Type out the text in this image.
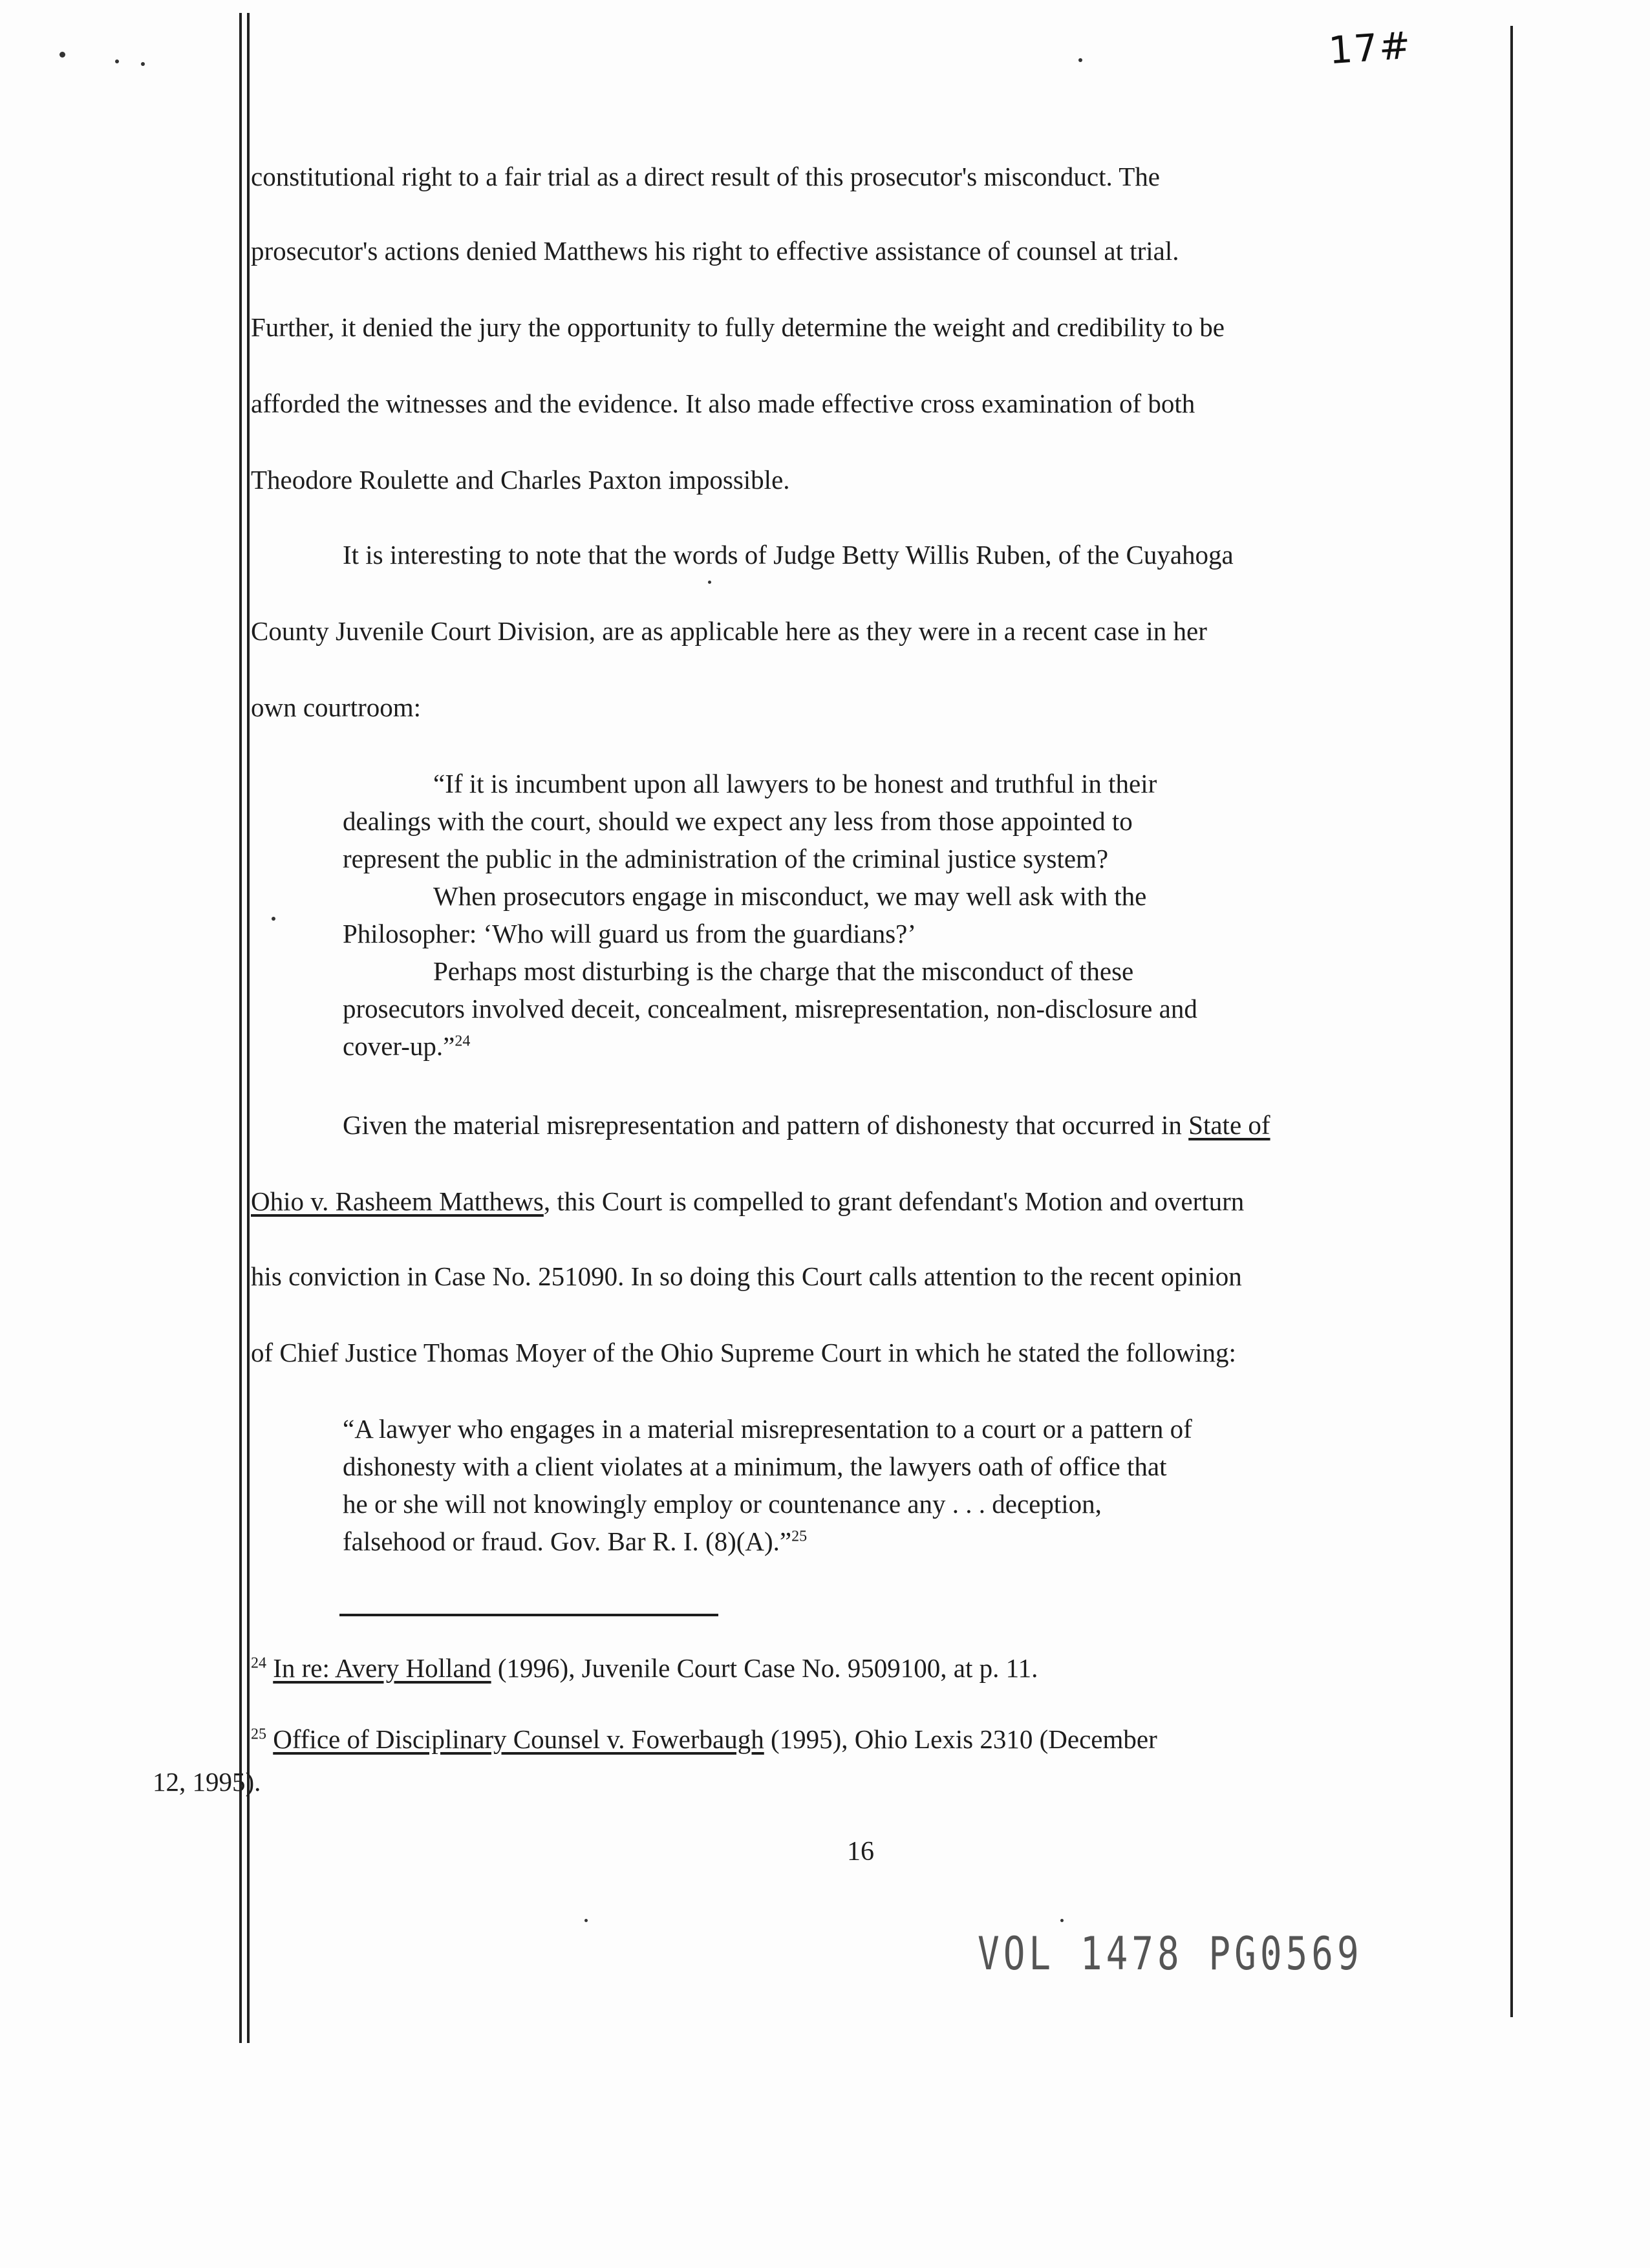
17#
constitutional right to a fair trial as a direct result of this prosecutor's misconduct. The
prosecutor's actions denied Matthews his right to effective assistance of counsel at trial.
Further, it denied the jury the opportunity to fully determine the weight and credibility to be
afforded the witnesses and the evidence. It also made effective cross examination of both
Theodore Roulette and Charles Paxton impossible.
It is interesting to note that the words of Judge Betty Willis Ruben, of the Cuyahoga
County Juvenile Court Division, are as applicable here as they were in a recent case in her
own courtroom:
“If it is incumbent upon all lawyers to be honest and truthful in their
dealings with the court, should we expect any less from those appointed to
represent the public in the administration of the criminal justice system?
When prosecutors engage in misconduct, we may well ask with the
Philosopher: ‘Who will guard us from the guardians?’
Perhaps most disturbing is the charge that the misconduct of these
prosecutors involved deceit, concealment, misrepresentation, non-disclosure and
cover-up.”$^{24}$
Given the material misrepresentation and pattern of dishonesty that occurred in State of
Ohio v. Rasheem Matthews, this Court is compelled to grant defendant's Motion and overturn
his conviction in Case No. 251090. In so doing this Court calls attention to the recent opinion
of Chief Justice Thomas Moyer of the Ohio Supreme Court in which he stated the following:
“A lawyer who engages in a material misrepresentation to a court or a pattern of
dishonesty with a client violates at a minimum, the lawyers oath of office that
he or she will not knowingly employ or countenance any . . . deception,
falsehood or fraud. Gov. Bar R. I. (8)(A).”$^{25}$
$^{24}$ In re: Avery Holland (1996), Juvenile Court Case No. 9509100, at p. 11.
$^{25}$ Office of Disciplinary Counsel v. Fowerbaugh (1995), Ohio Lexis 2310 (December
12, 1995).
16
VOL 1478 PG0569
